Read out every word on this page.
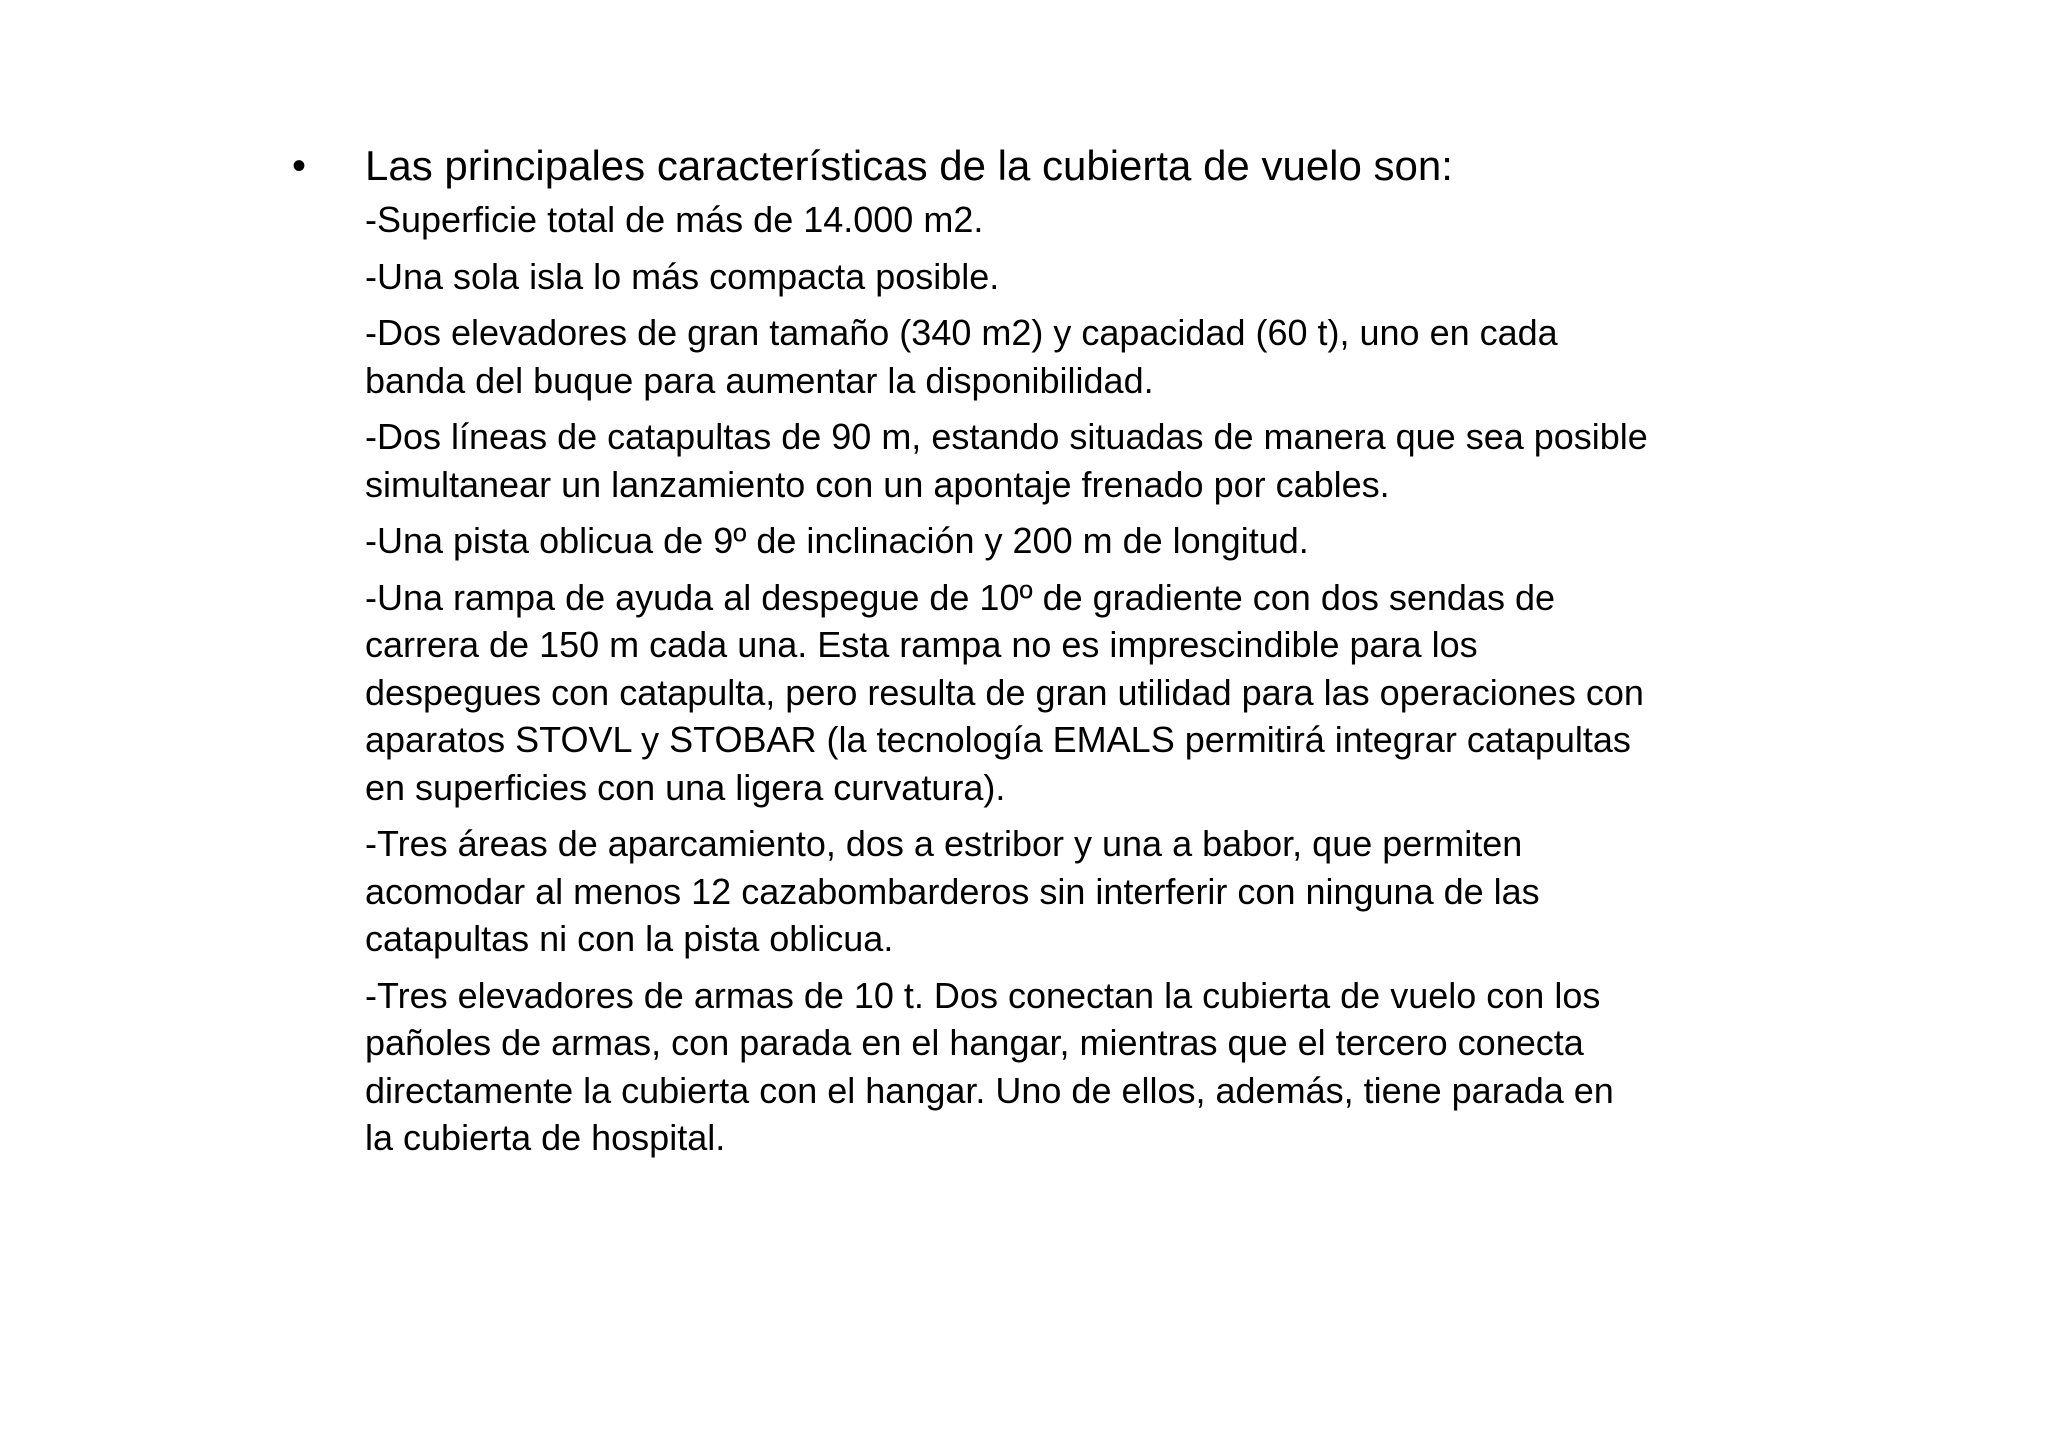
• Las principales características de la cubierta de vuelo son:
-Superficie total de más de 14.000 m2.
-Una sola isla lo más compacta posible.
-Dos elevadores de gran tamaño (340 m2) y capacidad (60 t), uno en cada
banda del buque para aumentar la disponibilidad.
-Dos líneas de catapultas de 90 m, estando situadas de manera que sea posible
simultanear un lanzamiento con un apontaje frenado por cables.
-Una pista oblicua de 9º de inclinación y 200 m de longitud.
-Una rampa de ayuda al despegue de 10º de gradiente con dos sendas de
carrera de 150 m cada una. Esta rampa no es imprescindible para los
despegues con catapulta, pero resulta de gran utilidad para las operaciones con
aparatos STOVL y STOBAR (la tecnología EMALS permitirá integrar catapultas
en superficies con una ligera curvatura).
-Tres áreas de aparcamiento, dos a estribor y una a babor, que permiten
acomodar al menos 12 cazabombarderos sin interferir con ninguna de las
catapultas ni con la pista oblicua.
-Tres elevadores de armas de 10 t. Dos conectan la cubierta de vuelo con los
pañoles de armas, con parada en el hangar, mientras que el tercero conecta
directamente la cubierta con el hangar. Uno de ellos, además, tiene parada en
la cubierta de hospital.
